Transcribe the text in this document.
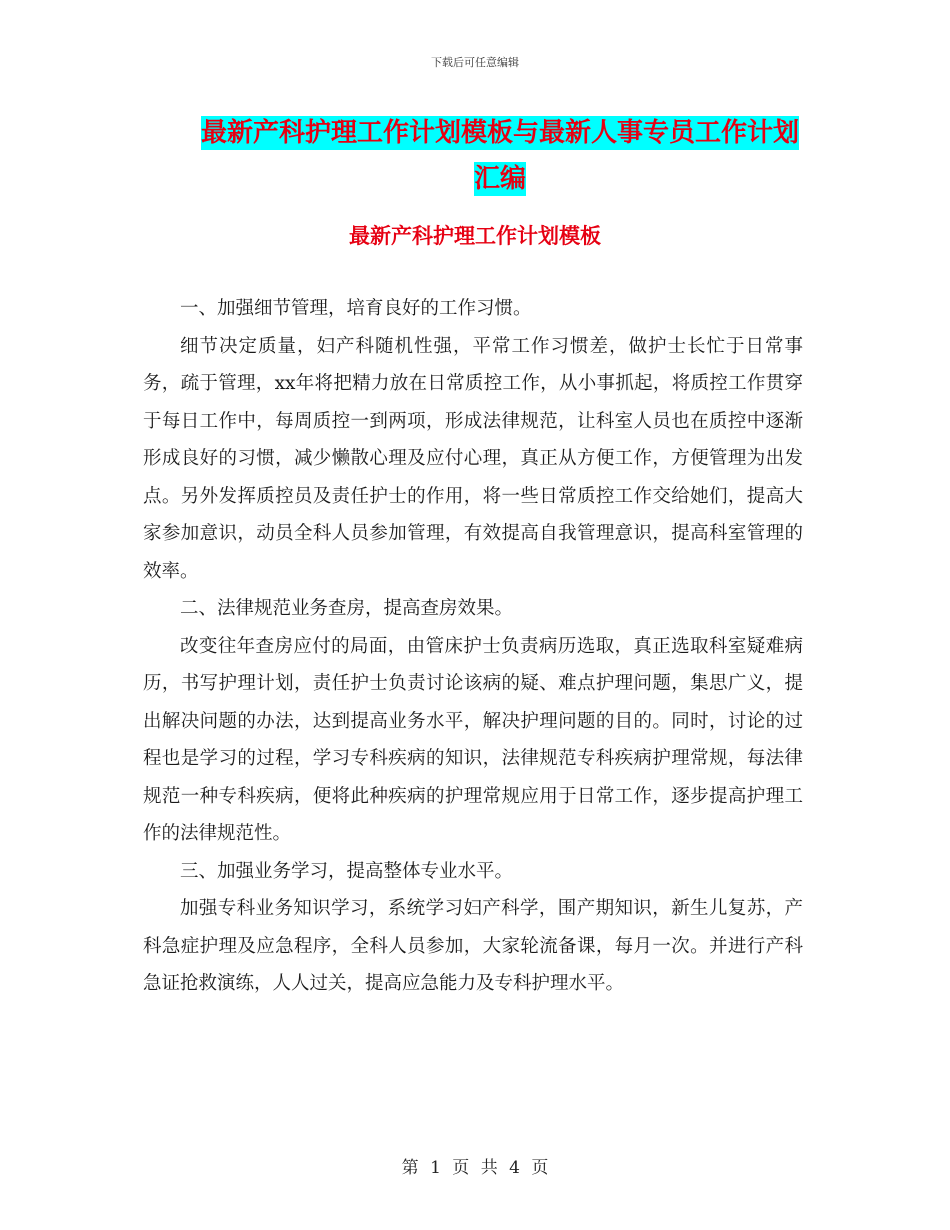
下载后可任意编辑
最新产科护理工作计划模板与最新人事专员工作计划
汇编
最新产科护理工作计划模板

一、加强细节管理，培育良好的工作习惯。

细节决定质量，妇产科随机性强，平常工作习惯差，做护士长忙于日常事务，疏于管理，xx年将把精力放在日常质控工作，从小事抓起，将质控工作贯穿于每日工作中，每周质控一到两项，形成法律规范，让科室人员也在质控中逐渐形成良好的习惯，减少懒散心理及应付心理，真正从方便工作，方便管理为出发点。另外发挥质控员及责任护士的作用，将一些日常质控工作交给她们，提高大家参加意识，动员全科人员参加管理，有效提高自我管理意识，提高科室管理的效率。

二、法律规范业务查房，提高查房效果。

改变往年查房应付的局面，由管床护士负责病历选取，真正选取科室疑难病历，书写护理计划，责任护士负责讨论该病的疑、难点护理问题，集思广义，提出解决问题的办法，达到提高业务水平，解决护理问题的目的。同时，讨论的过程也是学习的过程，学习专科疾病的知识，法律规范专科疾病护理常规，每法律规范一种专科疾病，便将此种疾病的护理常规应用于日常工作，逐步提高护理工作的法律规范性。

三、加强业务学习，提高整体专业水平。

加强专科业务知识学习，系统学习妇产科学，围产期知识，新生儿复苏，产科急症护理及应急程序，全科人员参加，大家轮流备课，每月一次。并进行产科急证抢救演练，人人过关，提高应急能力及专科护理水平。

第 1 页 共 4 页
